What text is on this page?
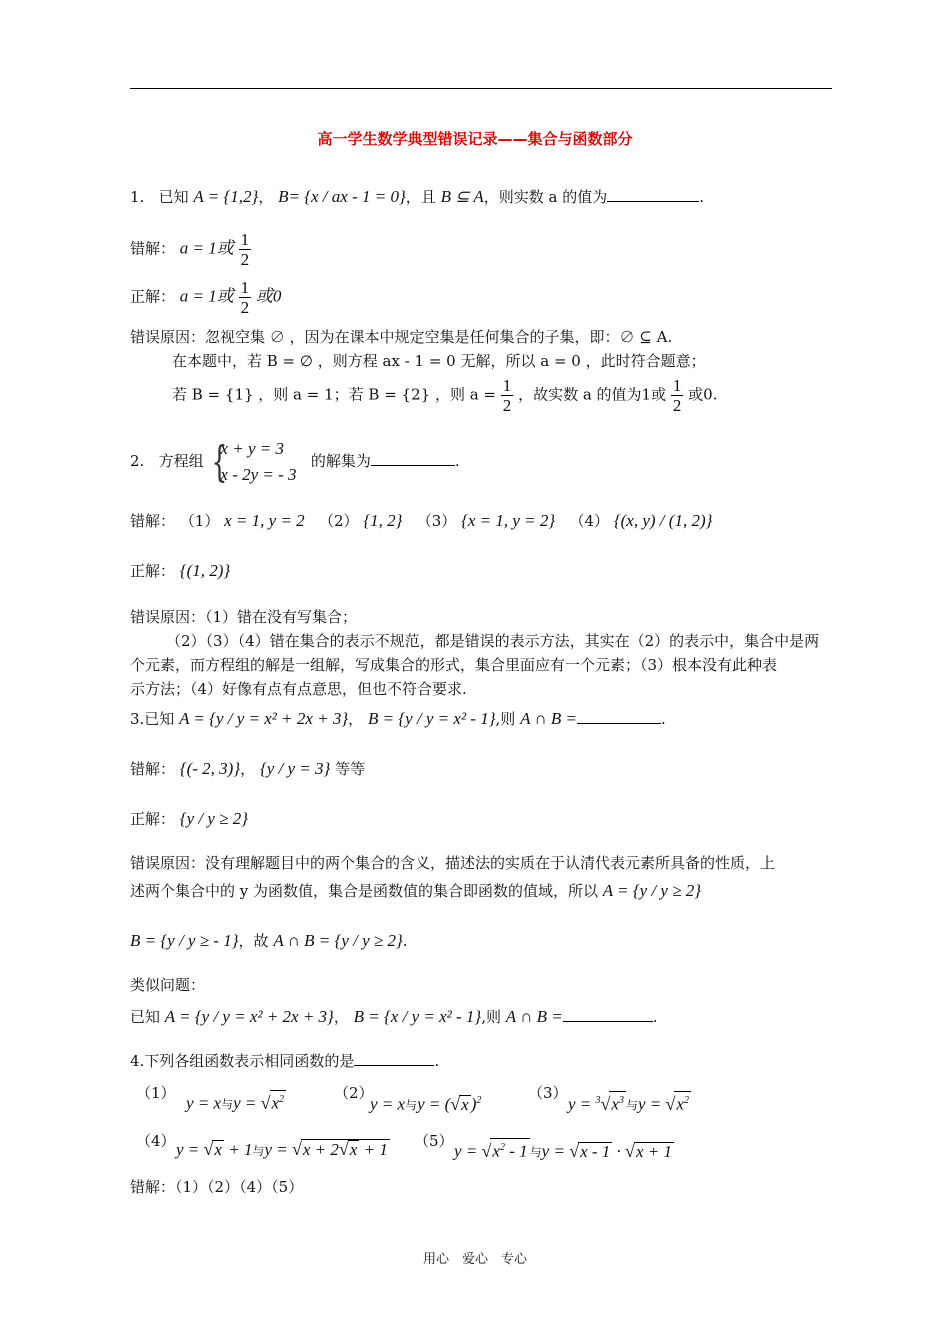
高一学生数学典型错误记录——集合与函数部分
1. 已知 A = {1,2}， B= {x / ax - 1 = 0}，且 B ⊆ A，则实数 a 的值为	.
错解： a = 1或 $\frac{1}{2}$
正解： a = 1或 $\frac{1}{2}$ 或0
错误原因：忽视空集 ∅ ，因为在课本中规定空集是任何集合的子集，即：∅ ⊆ A.
在本题中，若 B = ∅ ，则方程 ax - 1 = 0 无解，所以 a = 0 ，此时符合题意；
若 B = {1} ，则 a = 1；若 B = {2} ，则 $a = \frac{1}{2}$ ，故实数 a 的值为1或 $\frac{1}{2}$ 或0.
2. 方程组 { x + y = 3
x - 2y = - 3   的解集为	.
错解： （1） x = 1, y = 2 （2） {1, 2} （3） {x = 1, y = 2} （4） {(x, y) / (1, 2)}
正解： {(1, 2)}
错误原因：（1）错在没有写集合；
（2）（3）（4）错在集合的表示不规范，都是错误的表示方法，其实在（2）的表示中，集合中是两
个元素，而方程组的解是一组解，写成集合的形式，集合里面应有一个元素；（3）根本没有此种表
示方法；（4）好像有点有点意思，但也不符合要求.
3.已知 A = {y / y = x² + 2x + 3}， B = {y / y = x² - 1},则 A ∩ B =	.
错解： {(- 2, 3)}， {y / y = 3} 等等
正解： {y / y ≥ 2}
错误原因：没有理解题目中的两个集合的含义，描述法的实质在于认清代表元素所具备的性质，上
述两个集合中的 y 为函数值，集合是函数值的集合即函数的值域，所以 A = {y / y ≥ 2}
B = {y / y ≥ - 1}，故 A ∩ B = {y / y ≥ 2}.
类似问题：
已知 A = {y / y = x² + 2x + 3}， B = {x / y = x² - 1},则 A ∩ B =	.
4.下列各组函数表示相同函数的是	.
（1）
y = x与$y = √x^2$	（2）
y = x与y = (√x )$^2$	（3）
$y = ^3√x^3$ 与$y = √x^2$
（4） y = √x + 1与y = √x + 2√x + 1 （5）
$y = √x^2 - 1$ 与y = √x - 1 · √x + 1
错解：（1）（2）（4）（5）
用心　爱心　专心
